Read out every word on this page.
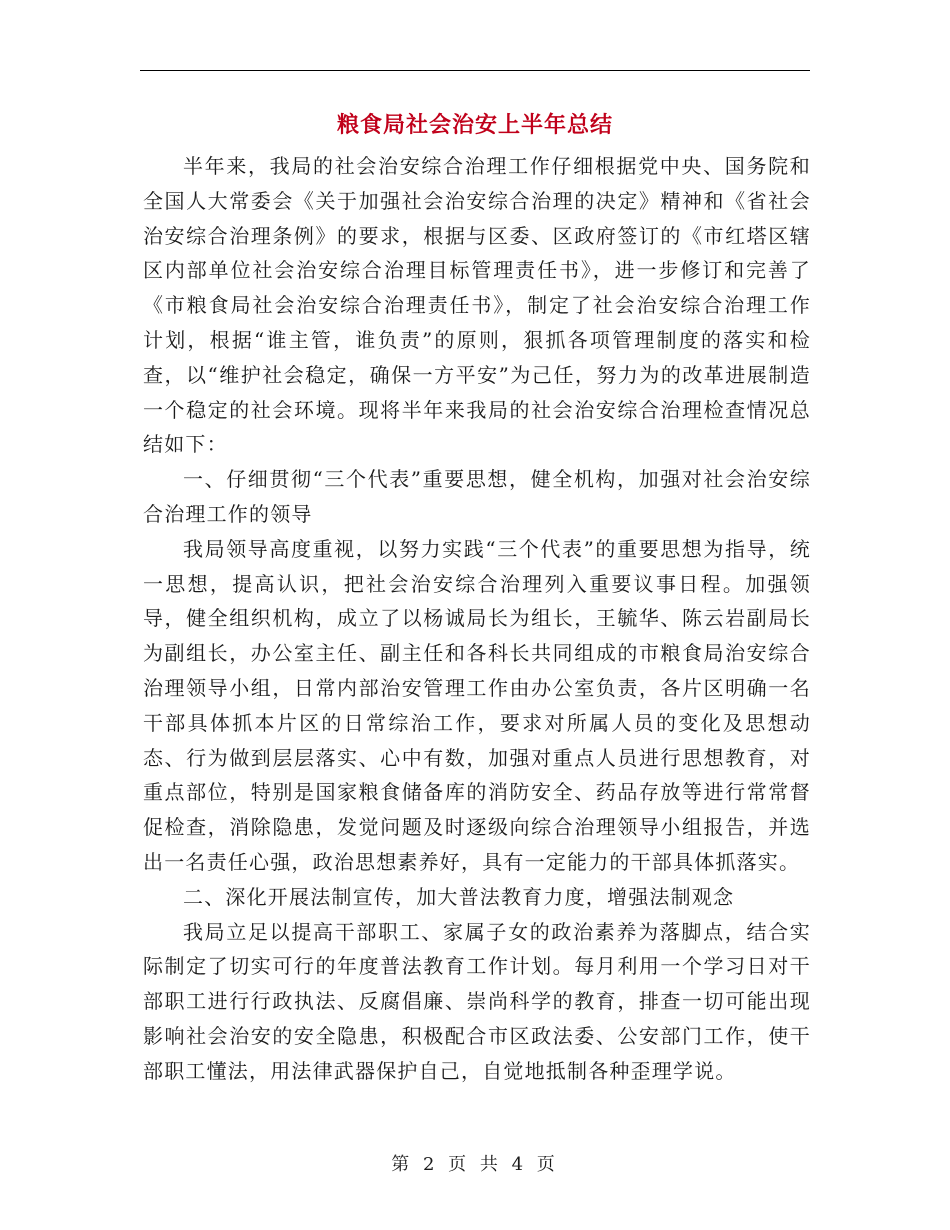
粮食局社会治安上半年总结

半年来，我局的社会治安综合治理工作仔细根据党中央、国务院和全国人大常委会《关于加强社会治安综合治理的决定》精神和《省社会治安综合治理条例》的要求，根据与区委、区政府签订的《市红塔区辖区内部单位社会治安综合治理目标管理责任书》，进一步修订和完善了《市粮食局社会治安综合治理责任书》，制定了社会治安综合治理工作计划，根据“谁主管，谁负责”的原则，狠抓各项管理制度的落实和检查，以“维护社会稳定，确保一方平安”为己任，努力为的改革进展制造一个稳定的社会环境。现将半年来我局的社会治安综合治理检查情况总结如下：

一、仔细贯彻“三个代表”重要思想，健全机构，加强对社会治安综合治理工作的领导

我局领导高度重视，以努力实践“三个代表”的重要思想为指导，统一思想，提高认识，把社会治安综合治理列入重要议事日程。加强领导，健全组织机构，成立了以杨诚局长为组长，王毓华、陈云岩副局长为副组长，办公室主任、副主任和各科长共同组成的市粮食局治安综合治理领导小组，日常内部治安管理工作由办公室负责，各片区明确一名干部具体抓本片区的日常综治工作，要求对所属人员的变化及思想动态、行为做到层层落实、心中有数，加强对重点人员进行思想教育，对重点部位，特别是国家粮食储备库的消防安全、药品存放等进行常常督促检查，消除隐患，发觉问题及时逐级向综合治理领导小组报告，并选出一名责任心强，政治思想素养好，具有一定能力的干部具体抓落实。

二、深化开展法制宣传，加大普法教育力度，增强法制观念

我局立足以提高干部职工、家属子女的政治素养为落脚点，结合实际制定了切实可行的年度普法教育工作计划。每月利用一个学习日对干部职工进行行政执法、反腐倡廉、崇尚科学的教育，排查一切可能出现影响社会治安的安全隐患，积极配合市区政法委、公安部门工作，使干部职工懂法，用法律武器保护自己，自觉地抵制各种歪理学说。

第 2 页 共 4 页
